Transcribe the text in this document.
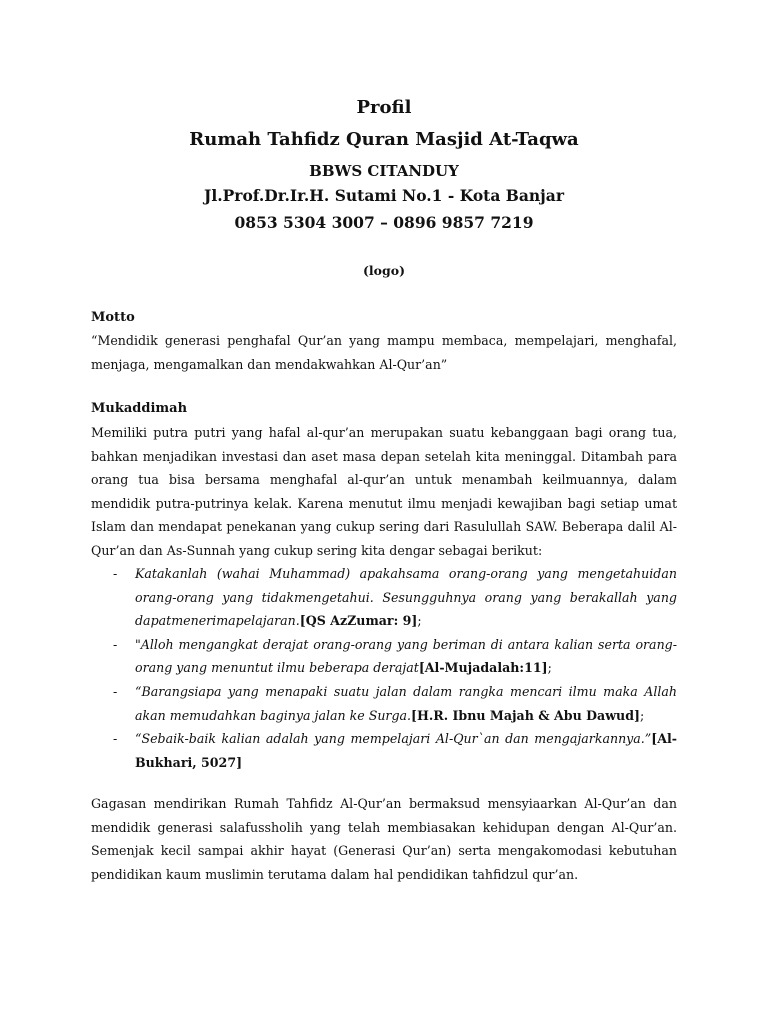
Profil
Rumah Tahfidz Quran Masjid At-Taqwa
BBWS CITANDUY
Jl.Prof.Dr.Ir.H. Sutami No.1 - Kota Banjar
0853 5304 3007 – 0896 9857 7219
(logo)
Motto

“Mendidik generasi penghafal Qur’an yang mampu membaca, mempelajari, menghafal, menjaga, mengamalkan dan mendakwahkan Al-Qur’an”

Mukaddimah

Memiliki putra putri yang hafal al-qur’an merupakan suatu kebanggaan bagi orang tua, bahkan menjadikan investasi dan aset masa depan setelah kita meninggal. Ditambah para orang tua bisa bersama menghafal al-qur’an untuk menambah keilmuannya, dalam mendidik putra-putrinya kelak. Karena menutut ilmu menjadi kewajiban bagi setiap umat Islam dan mendapat penekanan yang cukup sering dari Rasulullah SAW. Beberapa dalil Al-Qur’an dan As-Sunnah yang cukup sering kita dengar sebagai berikut:

- Katakanlah (wahai Muhammad) apakahsama orang-orang yang mengetahuidan orang-orang yang tidakmengetahui. Sesungguhnya orang yang berakallah yang dapatmenerimapelajaran.[QS AzZumar: 9];
- "Alloh mengangkat derajat orang-orang yang beriman di antara kalian serta orang-orang yang menuntut ilmu beberapa derajat[Al-Mujadalah:11];
- “Barangsiapa yang menapaki suatu jalan dalam rangka mencari ilmu maka Allah akan memudahkan baginya jalan ke Surga.[H.R. Ibnu Majah & Abu Dawud];
- “Sebaik-baik kalian adalah yang mempelajari Al-Qur`an dan mengajarkannya.”[Al-Bukhari, 5027]

Gagasan mendirikan Rumah Tahfidz Al-Qur’an bermaksud mensyiaarkan Al-Qur’an dan mendidik generasi salafussholih yang telah membiasakan kehidupan dengan Al-Qur’an. Semenjak kecil sampai akhir hayat (Generasi Qur’an) serta mengakomodasi kebutuhan pendidikan kaum muslimin terutama dalam hal pendidikan tahfidzul qur’an.
